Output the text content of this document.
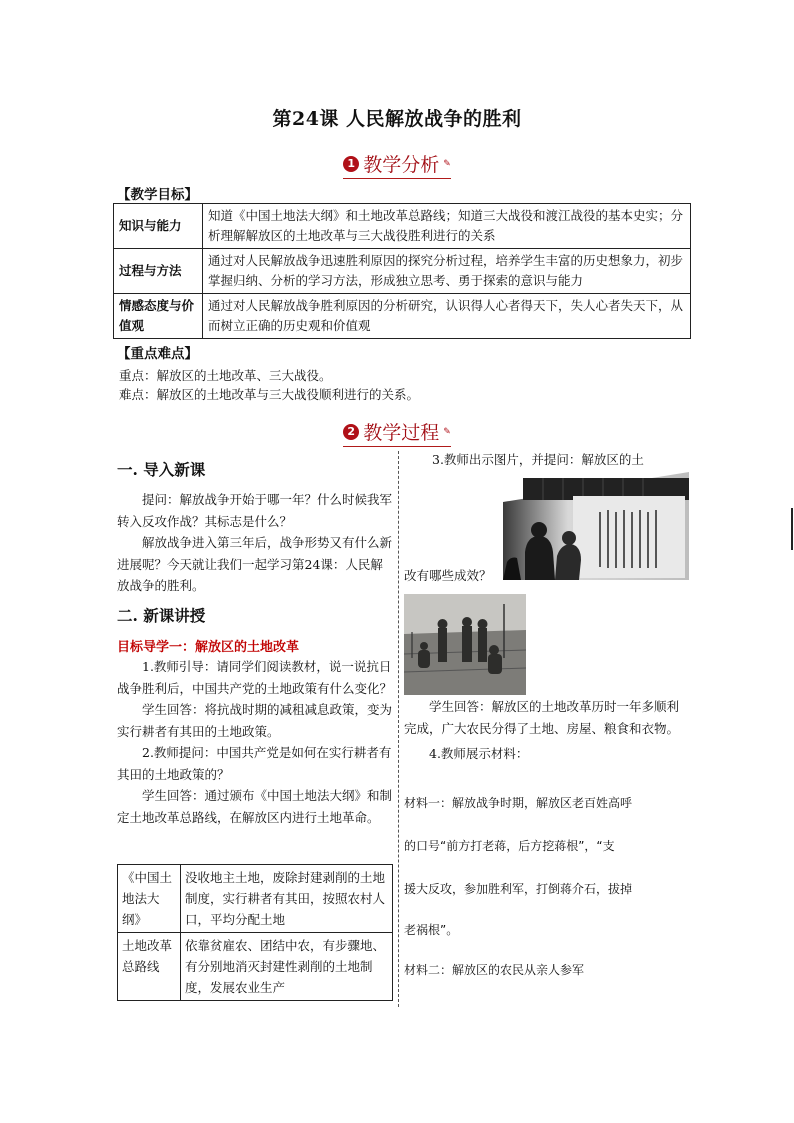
第24课 人民解放战争的胜利
1 教学分析 ✎
【教学目标】
知识与能力	知道《中国土地法大纲》和土地改革总路线；知道三大战役和渡江战役的基本史实；分析理解解放区的土地改革与三大战役胜利进行的关系
过程与方法	通过对人民解放战争迅速胜利原因的探究分析过程，培养学生丰富的历史想象力，初步掌握归纳、分析的学习方法，形成独立思考、勇于探索的意识与能力
情感态度与价值观	通过对人民解放战争胜利原因的分析研究，认识得人心者得天下，失人心者失天下，从而树立正确的历史观和价值观
【重点难点】
重点：解放区的土地改革、三大战役。
难点：解放区的土地改革与三大战役顺利进行的关系。
2 教学过程 ✎
一. 导入新课

提问：解放战争开始于哪一年？什么时候我军转入反攻作战？其标志是什么？

解放战争进入第三年后，战争形势又有什么新进展呢？今天就让我们一起学习第24课：人民解放战争的胜利。

二. 新课讲授
目标导学一：解放区的土地改革

1.教师引导：请同学们阅读教材，说一说抗日战争胜利后，中国共产党的土地政策有什么变化？

学生回答：将抗战时期的减租减息政策，变为实行耕者有其田的土地政策。

2.教师提问：中国共产党是如何在实行耕者有其田的土地政策的？

学生回答：通过颁布《中国土地法大纲》和制定土地改革总路线，在解放区内进行土地革命。

《中国土地法大纲》	没收地主土地，废除封建剥削的土地制度，实行耕者有其田，按照农村人口，平均分配土地
土地改革总路线	依靠贫雇农、团结中农，有步骤地、有分别地消灭封建性剥削的土地制度，发展农业生产
3.教师出示图片，并提问：解放区的土
改有哪些成效？

学生回答：解放区的土地改革历时一年多顺利完成，广大农民分得了土地、房屋、粮食和衣物。

4.教师展示材料：

材料一：解放战争时期，解放区老百姓高呼
的口号“前方打老蒋，后方挖蒋根”，“支
援大反攻，参加胜利军，打倒蒋介石，拔掉
老祸根”。
材料二：解放区的农民从亲人参军
